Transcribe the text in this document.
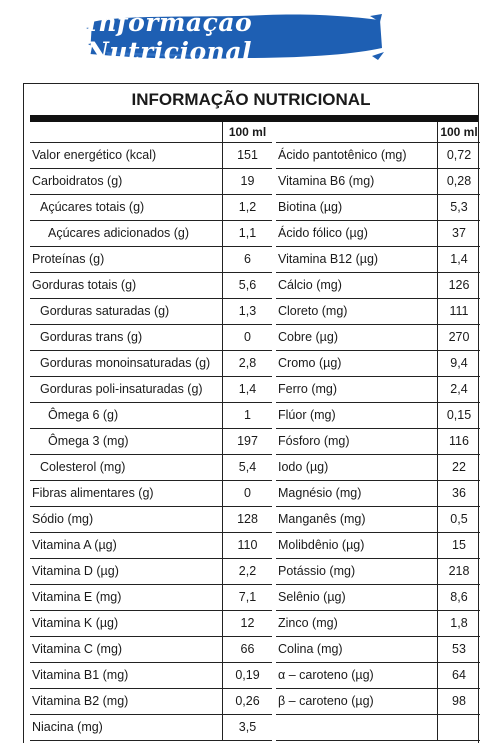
Informação Nutricional
INFORMAÇÃO NUTRICIONAL
100 ml
Valor energético (kcal)	151
Carboidratos (g)	19
Açúcares totais (g)	1,2
Açúcares adicionados (g)	1,1
Proteínas (g)	6
Gorduras totais (g)	5,6
Gorduras saturadas (g)	1,3
Gorduras trans (g)	0
Gorduras monoinsaturadas (g)	2,8
Gorduras poli-insaturadas (g)	1,4
Ômega 6 (g)	1
Ômega 3 (mg)	197
Colesterol (mg)	5,4
Fibras alimentares (g)	0
Sódio (mg)	128
Vitamina A (µg)	110
Vitamina D (µg)	2,2
Vitamina E (mg)	7,1
Vitamina K (µg)	12
Vitamina C (mg)	66
Vitamina B1 (mg)	0,19
Vitamina B2 (mg)	0,26
Niacina (mg)	3,5
100 ml
Ácido pantotênico (mg)	0,72
Vitamina B6 (mg)	0,28
Biotina (µg)	5,3
Ácido fólico (µg)	37
Vitamina B12 (µg)	1,4
Cálcio (mg)	126
Cloreto (mg)	111
Cobre (µg)	270
Cromo (µg)	9,4
Ferro (mg)	2,4
Flúor (mg)	0,15
Fósforo (mg)	116
Iodo (µg)	22
Magnésio (mg)	36
Manganês (mg)	0,5
Molibdênio (µg)	15
Potássio (mg)	218
Selênio (µg)	8,6
Zinco (mg)	1,8
Colina (mg)	53
α – caroteno (µg)	64
β – caroteno (µg)	98
